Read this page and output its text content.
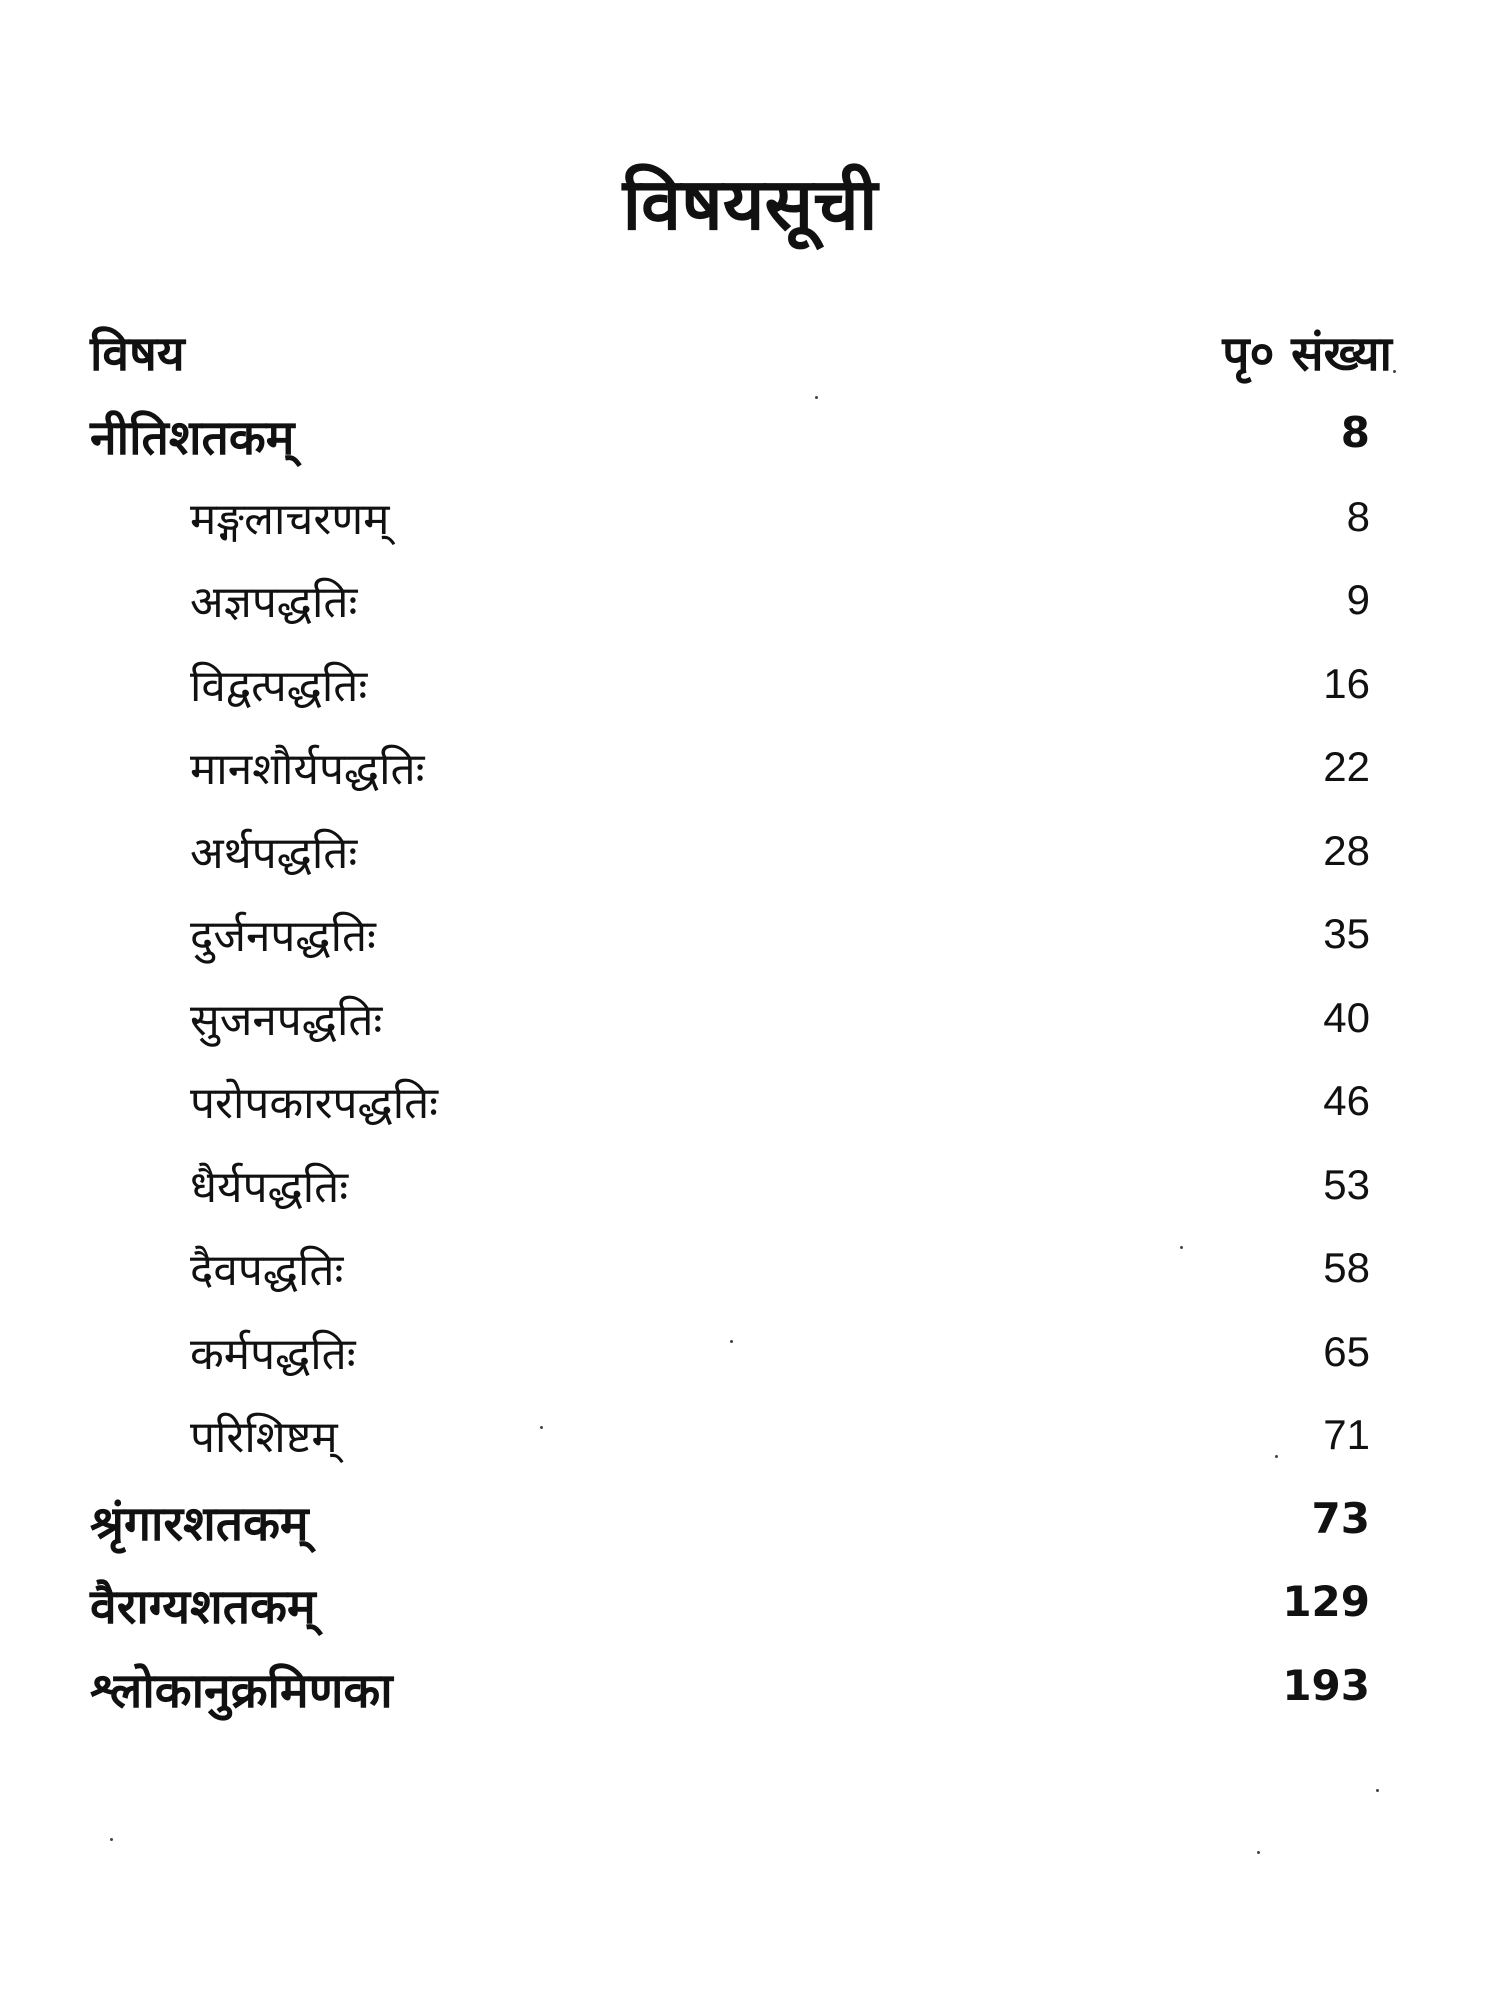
विषयसूची
विषय	पृ० संख्या
नीतिशतकम्	8
मङ्गलाचरणम्	8
अज्ञपद्धतिः	9
विद्वत्पद्धतिः	16
मानशौर्यपद्धतिः	22
अर्थपद्धतिः	28
दुर्जनपद्धतिः	35
सुजनपद्धतिः	40
परोपकारपद्धतिः	46
धैर्यपद्धतिः	53
दैवपद्धतिः	58
कर्मपद्धतिः	65
परिशिष्टम्	71
श्रृंगारशतकम्	73
वैराग्यशतकम्	129
श्लोकानुक्रमिणका	193
